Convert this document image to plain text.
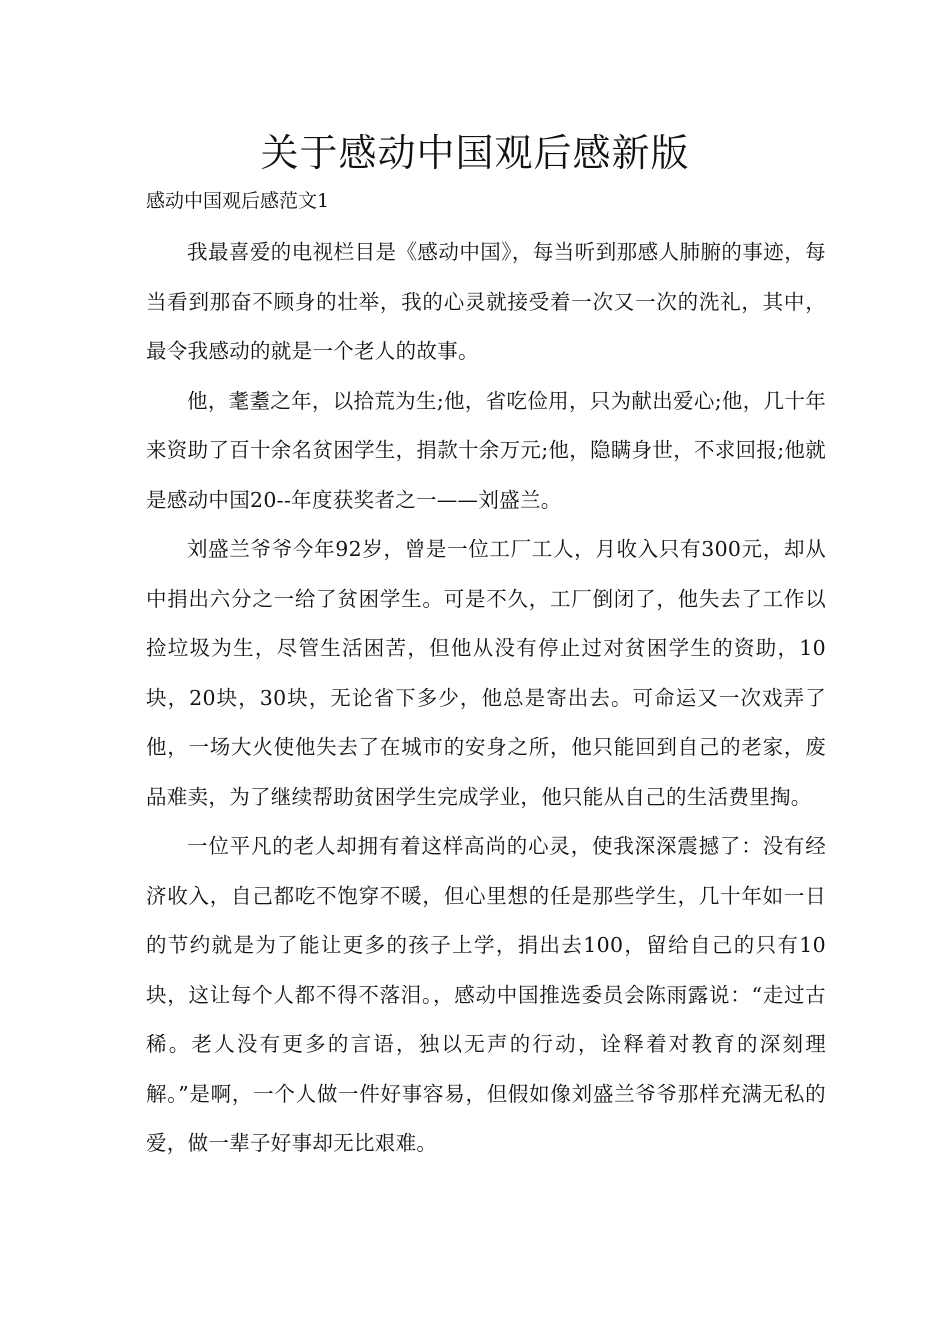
关于感动中国观后感新版

感动中国观后感范文1

我最喜爱的电视栏目是《感动中国》，每当听到那感人肺腑的事迹，每当看到那奋不顾身的壮举，我的心灵就接受着一次又一次的洗礼，其中，最令我感动的就是一个老人的故事。

他，耄耋之年，以拾荒为生;他，省吃俭用，只为献出爱心;他，几十年来资助了百十余名贫困学生，捐款十余万元;他，隐瞒身世，不求回报;他就是感动中国20--年度获奖者之一——刘盛兰。

刘盛兰爷爷今年92岁，曾是一位工厂工人，月收入只有300元，却从中捐出六分之一给了贫困学生。可是不久，工厂倒闭了，他失去了工作以捡垃圾为生，尽管生活困苦，但他从没有停止过对贫困学生的资助，10块，20块，30块，无论省下多少，他总是寄出去。可命运又一次戏弄了他，一场大火使他失去了在城市的安身之所，他只能回到自己的老家，废品难卖，为了继续帮助贫困学生完成学业，他只能从自己的生活费里掏。

一位平凡的老人却拥有着这样高尚的心灵，使我深深震撼了：没有经济收入，自己都吃不饱穿不暖，但心里想的任是那些学生，几十年如一日的节约就是为了能让更多的孩子上学，捐出去100，留给自己的只有10块，这让每个人都不得不落泪。，感动中国推选委员会陈雨露说：“走过古稀。老人没有更多的言语，独以无声的行动，诠释着对教育的深刻理解。”是啊，一个人做一件好事容易，但假如像刘盛兰爷爷那样充满无私的爱，做一辈子好事却无比艰难。
